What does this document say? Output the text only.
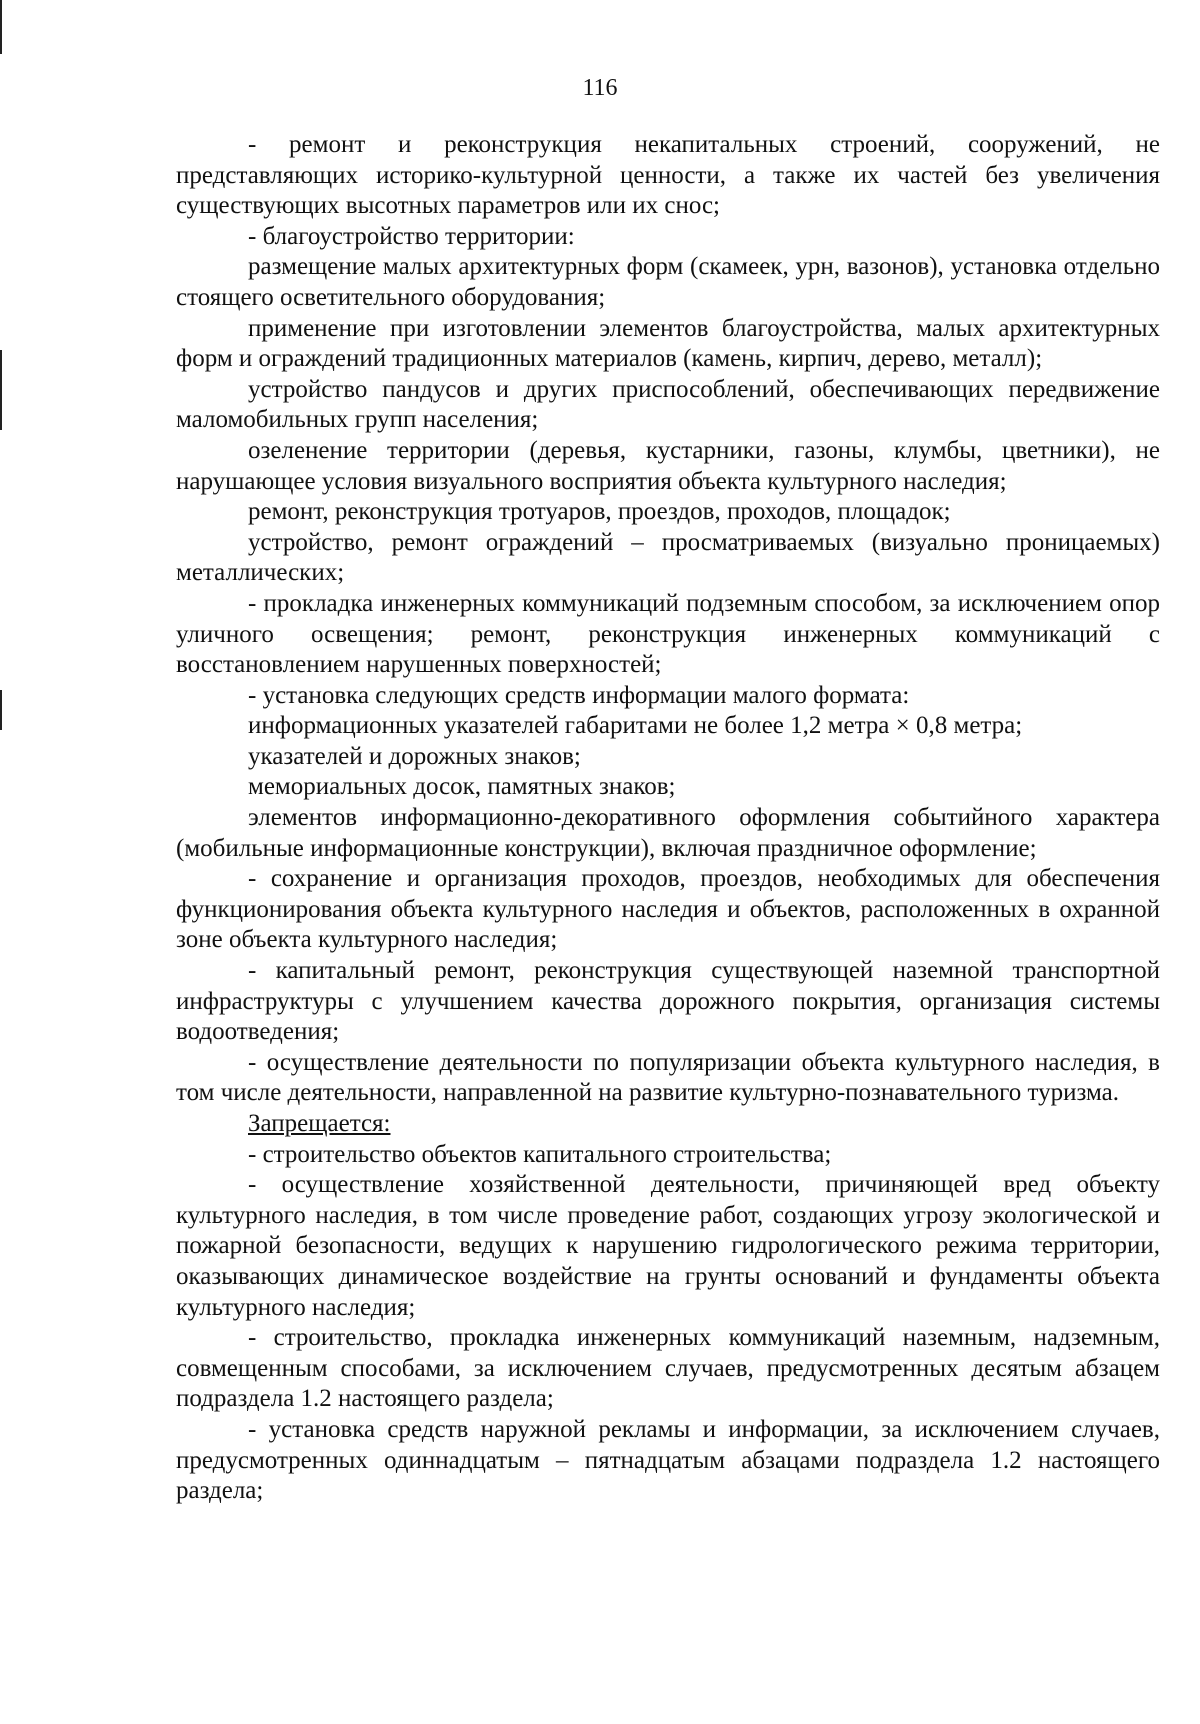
116

- ремонт и реконструкция некапитальных строений, сооружений, не представляющих историко-культурной ценности, а также их частей без увеличения существующих высотных параметров или их снос;

- благоустройство территории:

размещение малых архитектурных форм (скамеек, урн, вазонов), установка отдельно стоящего осветительного оборудования;

применение при изготовлении элементов благоустройства, малых архитектурных форм и ограждений традиционных материалов (камень, кирпич, дерево, металл);

устройство пандусов и других приспособлений, обеспечивающих передвижение маломобильных групп населения;

озеленение территории (деревья, кустарники, газоны, клумбы, цветники), не нарушающее условия визуального восприятия объекта культурного наследия;

ремонт, реконструкция тротуаров, проездов, проходов, площадок;

устройство, ремонт ограждений – просматриваемых (визуально проницаемых) металлических;

- прокладка инженерных коммуникаций подземным способом, за исключением опор уличного освещения; ремонт, реконструкция инженерных коммуникаций с восстановлением нарушенных поверхностей;

- установка следующих средств информации малого формата:

информационных указателей габаритами не более 1,2 метра × 0,8 метра;

указателей и дорожных знаков;

мемориальных досок, памятных знаков;

элементов информационно-декоративного оформления событийного характера (мобильные информационные конструкции), включая праздничное оформление;

- сохранение и организация проходов, проездов, необходимых для обеспечения функционирования объекта культурного наследия и объектов, расположенных в охранной зоне объекта культурного наследия;

- капитальный ремонт, реконструкция существующей наземной транспортной инфраструктуры с улучшением качества дорожного покрытия, организация системы водоотведения;

- осуществление деятельности по популяризации объекта культурного наследия, в том числе деятельности, направленной на развитие культурно-познавательного туризма.

Запрещается:

- строительство объектов капитального строительства;

- осуществление хозяйственной деятельности, причиняющей вред объекту культурного наследия, в том числе проведение работ, создающих угрозу экологической и пожарной безопасности, ведущих к нарушению гидрологического режима территории, оказывающих динамическое воздействие на грунты оснований и фундаменты объекта культурного наследия;

- строительство, прокладка инженерных коммуникаций наземным, надземным, совмещенным способами, за исключением случаев, предусмотренных десятым абзацем подраздела 1.2 настоящего раздела;

- установка средств наружной рекламы и информации, за исключением случаев, предусмотренных одиннадцатым – пятнадцатым абзацами подраздела 1.2 настоящего раздела;
